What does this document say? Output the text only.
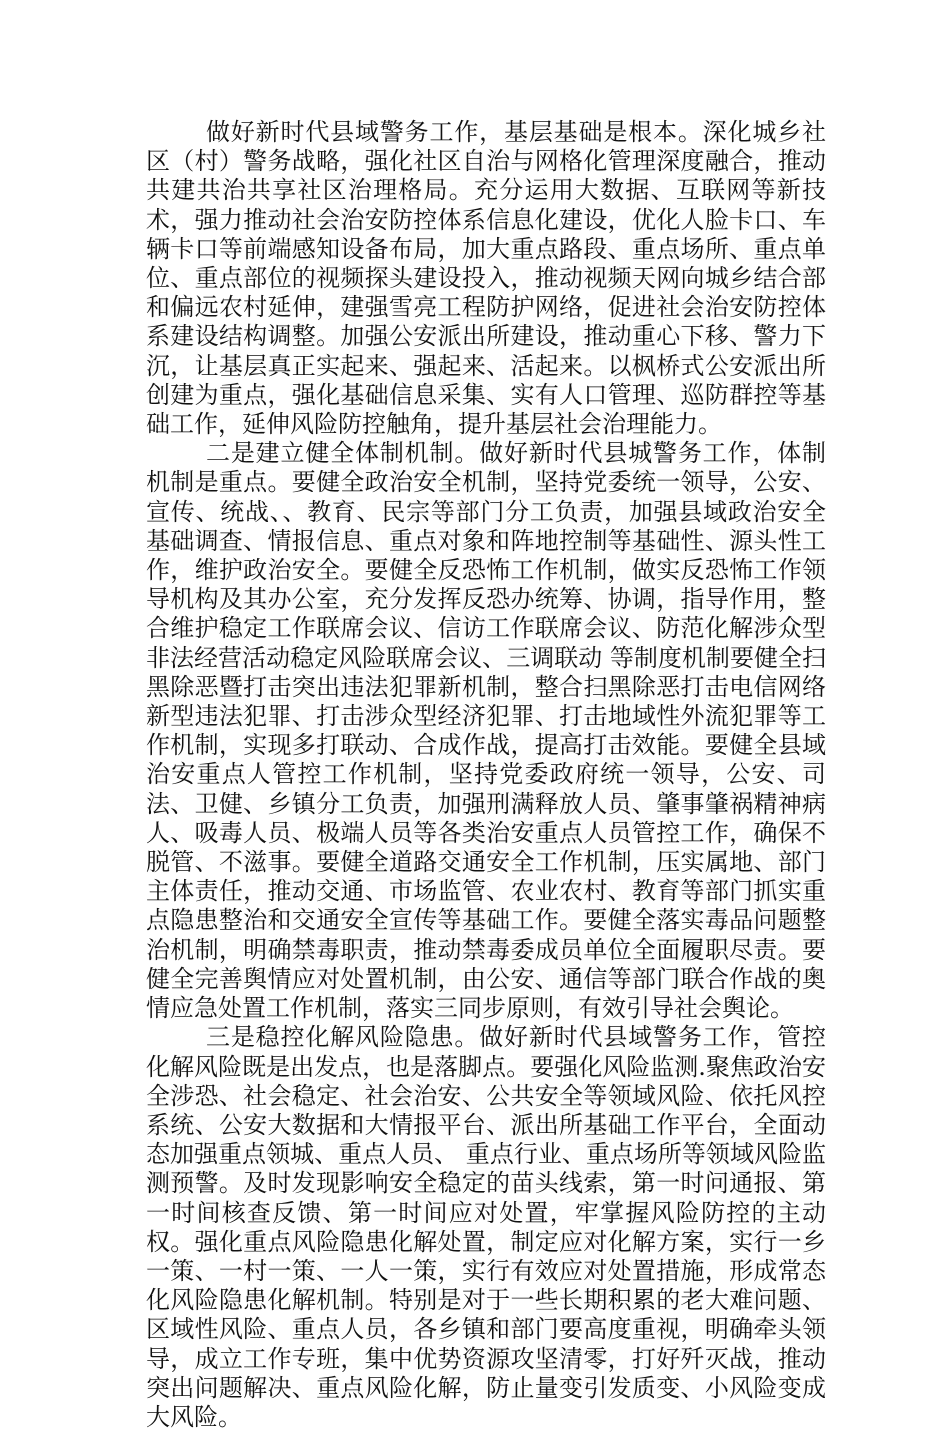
做好新时代县域警务工作，基层基础是根本。深化城乡社区（村）警务战略，强化社区自治与网格化管理深度融合，推动共建共治共享社区治理格局。充分运用大数据、互联网等新技术，强力推动社会治安防控体系信息化建设，优化人脸卡口、车辆卡口等前端感知设备布局，加大重点路段、重点场所、重点单位、重点部位的视频探头建设投入，推动视频天网向城乡结合部和偏远农村延伸，建强雪亮工程防护网络，促进社会治安防控体系建设结构调整。加强公安派出所建设，推动重心下移、警力下沉，让基层真正实起来、强起来、活起来。以枫桥式公安派出所创建为重点，强化基础信息采集、实有人口管理、巡防群控等基础工作，延伸风险防控触角，提升基层社会治理能力。

二是建立健全体制机制。做好新时代县城警务工作，体制机制是重点。要健全政治安全机制，坚持党委统一领导，公安、宣传、统战、、教育、民宗等部门分工负责，加强县域政治安全基础调查、情报信息、重点对象和阵地控制等基础性、源头性工作，维护政治安全。要健全反恐怖工作机制，做实反恐怖工作领导机构及其办公室，充分发挥反恐办统筹、协调，指导作用，整合维护稳定工作联席会议、信访工作联席会议、防范化解涉众型非法经营活动稳定风险联席会议、三调联动 等制度机制要健全扫黑除恶暨打击突出违法犯罪新机制，整合扫黑除恶打击电信网络新型违法犯罪、打击涉众型经济犯罪、打击地域性外流犯罪等工作机制，实现多打联动、合成作战，提高打击效能。要健全县域治安重点人管控工作机制，坚持党委政府统一领导，公安、司法、卫健、乡镇分工负责，加强刑满释放人员、肇事肇祸精神病人、吸毒人员、极端人员等各类治安重点人员管控工作，确保不脱管、不滋事。要健全道路交通安全工作机制，压实属地、部门主体责任，推动交通、市场监管、农业农村、教育等部门抓实重点隐患整治和交通安全宣传等基础工作。要健全落实毒品问题整治机制，明确禁毒职责，推动禁毒委成员单位全面履职尽责。要健全完善舆情应对处置机制，由公安、通信等部门联合作战的奥情应急处置工作机制，落实三同步原则，有效引导社会舆论。

三是稳控化解风险隐患。做好新时代县域警务工作，管控化解风险既是出发点，也是落脚点。要强化风险监测.聚焦政治安全涉恐、社会稳定、社会治安、公共安全等领域风险、依托风控系统、公安大数据和大情报平台、派出所基础工作平台，全面动态加强重点领城、重点人员、 重点行业、重点场所等领域风险监测预警。及时发现影响安全稳定的苗头线索，第一时问通报、第一时间核查反馈、第一时间应对处置，牢掌握风险防控的主动权。强化重点风险隐患化解处置，制定应对化解方案，实行一乡一策、一村一策、一人一策，实行有效应对处置措施，形成常态化风险隐患化解机制。特别是对于一些长期积累的老大难问题、区域性风险、重点人员，各乡镇和部门要高度重视，明确牵头领导，成立工作专班，集中优势资源攻坚清零，打好歼灭战，推动突出问题解决、重点风险化解，防止量变引发质变、小风险变成大风险。
